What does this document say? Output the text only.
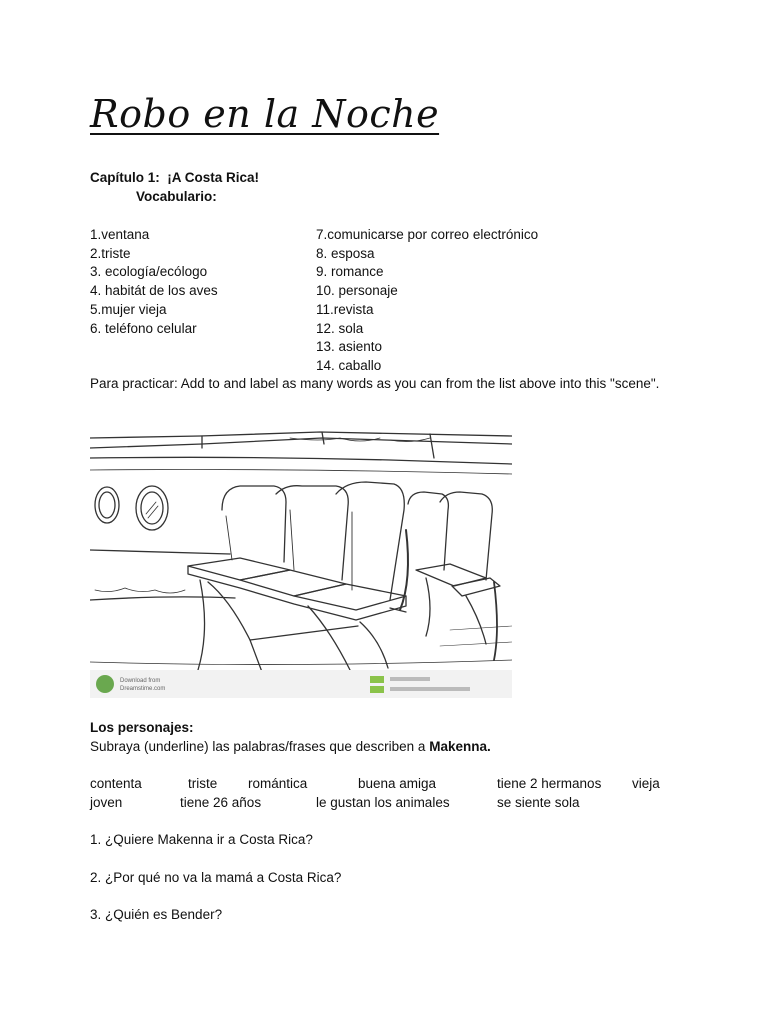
Robo en la Noche
Capítulo 1:  ¡A Costa Rica!
Vocabulario:
1.ventana
2.triste
3. ecología/ecólogo
4. habitát de los aves
5.mujer vieja
6. teléfono celular
7.comunicarse por correo electrónico
8. esposa
9. romance
10. personaje
11.revista
12. sola
13. asiento
14. caballo
Para practicar: Add to and label as many words as you can from the list above into this "scene".
Download from
Dreamstime.com
Los personajes:
Subraya (underline) las palabras/frases que describen a Makenna.
contenta	triste romántica	buena amiga	tiene 2 hermanos vieja
joven	tiene 26 años	le gustan los animales	se siente sola
1. ¿Quiere Makenna ir a Costa Rica?
2. ¿Por qué no va la mamá a Costa Rica?
3. ¿Quién es Bender?
